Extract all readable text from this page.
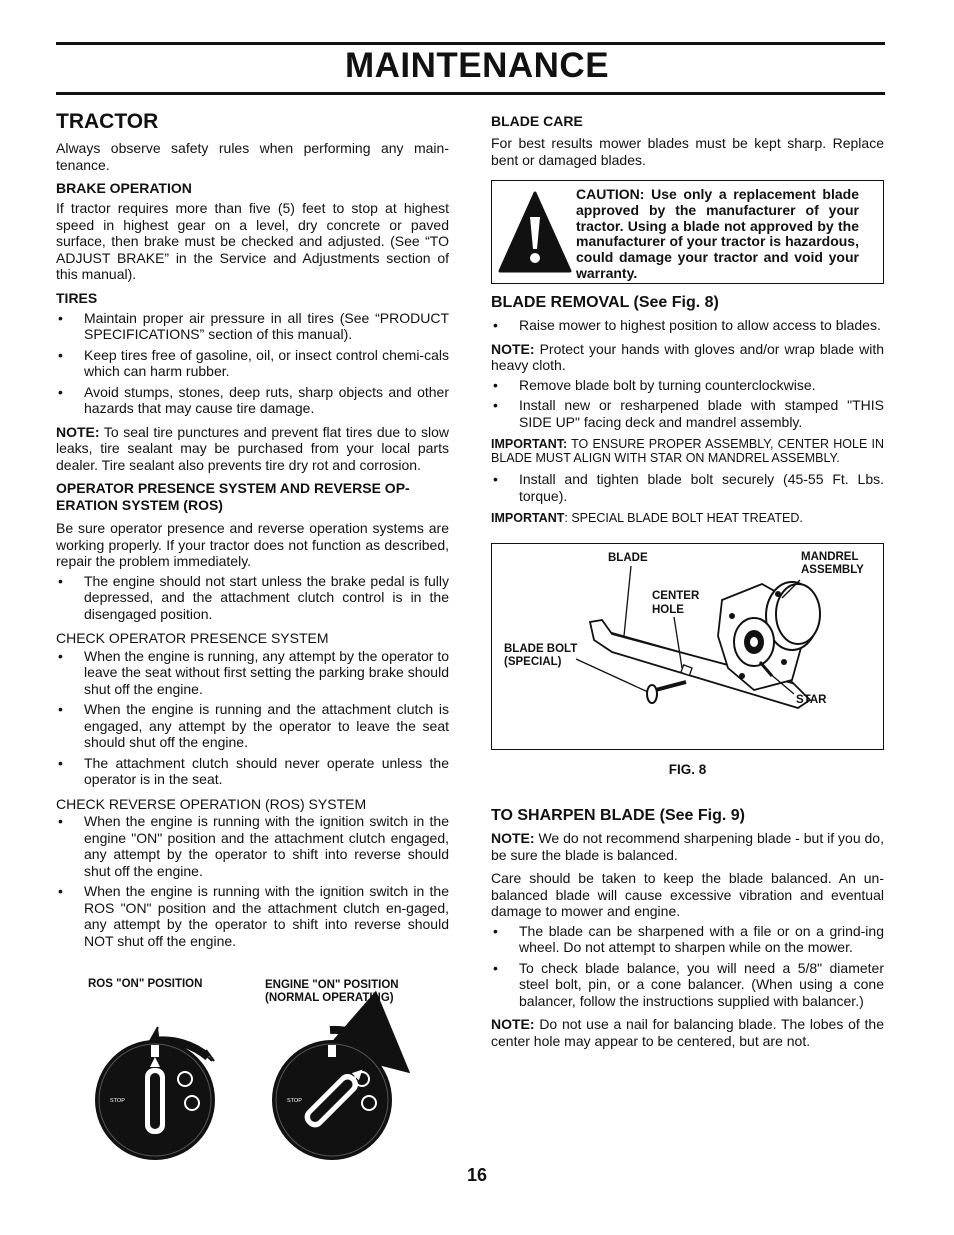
MAINTENANCE
TRACTOR

Always observe safety rules when performing any main-tenance.

BRAKE OPERATION

If tractor requires more than five (5) feet to stop at highest speed in highest gear on a level, dry concrete or paved surface, then brake must be checked and adjusted. (See “TO ADJUST BRAKE” in the Service and Adjustments section of this manual).

TIRES
• Maintain proper air pressure in all tires (See “PRODUCT SPECIFICATIONS” section of this manual).
• Keep tires free of gasoline, oil, or insect control chemi-cals which can harm rubber.
• Avoid stumps, stones, deep ruts, sharp objects and other hazards that may cause tire damage.

NOTE: To seal tire punctures and prevent flat tires due to slow leaks, tire sealant may be purchased from your local parts dealer. Tire sealant also prevents tire dry rot and corrosion.

OPERATOR PRESENCE SYSTEM AND REVERSE OP-ERATION SYSTEM (ROS)

Be sure operator presence and reverse operation systems are working properly. If your tractor does not function as described, repair the problem immediately.

• The engine should not start unless the brake pedal is fully depressed, and the attachment clutch control is in the disengaged position.
CHECK OPERATOR PRESENCE SYSTEM
• When the engine is running, any attempt by the operator to leave the seat without first setting the parking brake should shut off the engine.
• When the engine is running and the attachment clutch is engaged, any attempt by the operator to leave the seat should shut off the engine.
• The attachment clutch should never operate unless the operator is in the seat.
CHECK REVERSE OPERATION (ROS) SYSTEM
• When the engine is running with the ignition switch in the engine "ON" position and the attachment clutch engaged, any attempt by the operator to shift into reverse should shut off the engine.
• When the engine is running with the ignition switch in the ROS "ON" position and the attachment clutch en-gaged, any attempt by the operator to shift into reverse should NOT shut off the engine.
ROS "ON" POSITION	ENGINE "ON" POSITION
(NORMAL OPERATING)
STOP	STOP
BLADE CARE

For best results mower blades must be kept sharp. Replace bent or damaged blades.

CAUTION: Use only a replacement blade approved by the manufacturer of your tractor. Using a blade not approved by the manufacturer of your tractor is hazardous, could damage your tractor and void your warranty.
BLADE REMOVAL (See Fig. 8)
• Raise mower to highest position to allow access to blades.

NOTE: Protect your hands with gloves and/or wrap blade with heavy cloth.

• Remove blade bolt by turning counterclockwise.
• Install new or resharpened blade with stamped "THIS SIDE UP" facing deck and mandrel assembly.

IMPORTANT: TO ENSURE PROPER ASSEMBLY, CENTER HOLE IN BLADE MUST ALIGN WITH STAR ON MANDREL ASSEMBLY.

• Install and tighten blade bolt securely (45-55 Ft. Lbs. torque).

IMPORTANT: SPECIAL BLADE BOLT HEAT TREATED.

BLADE	MANDREL
ASSEMBLY
CENTER
HOLE
BLADE BOLT
(SPECIAL)
STAR
FIG. 8
TO SHARPEN BLADE (See Fig. 9)

NOTE: We do not recommend sharpening blade - but if you do, be sure the blade is balanced.

Care should be taken to keep the blade balanced. An un-balanced blade will cause excessive vibration and eventual damage to mower and engine.

• The blade can be sharpened with a file or on a grind-ing wheel. Do not attempt to sharpen while on the mower.
• To check blade balance, you will need a 5/8" diameter steel bolt, pin, or a cone balancer. (When using a cone balancer, follow the instructions supplied with balancer.)

NOTE: Do not use a nail for balancing blade. The lobes of the center hole may appear to be centered, but are not.

16
